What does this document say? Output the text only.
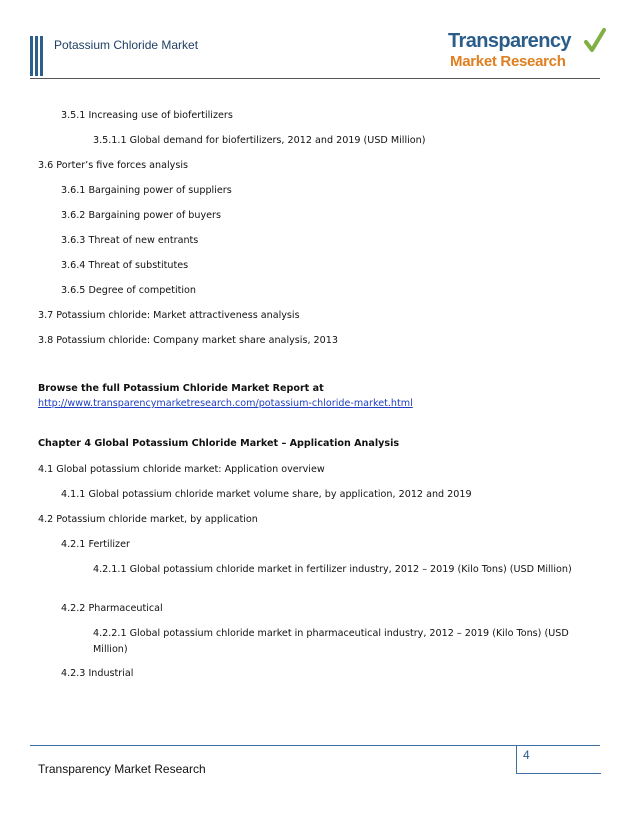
Potassium Chloride Market	Transparency
Market Research
3.5.1 Increasing use of biofertilizers
3.5.1.1 Global demand for biofertilizers, 2012 and 2019 (USD Million)
3.6 Porter’s five forces analysis
3.6.1 Bargaining power of suppliers
3.6.2 Bargaining power of buyers
3.6.3 Threat of new entrants
3.6.4 Threat of substitutes
3.6.5 Degree of competition
3.7 Potassium chloride: Market attractiveness analysis
3.8 Potassium chloride: Company market share analysis, 2013
Browse the full Potassium Chloride Market Report at
http://www.transparencymarketresearch.com/potassium-chloride-market.html
Chapter 4 Global Potassium Chloride Market – Application Analysis
4.1 Global potassium chloride market: Application overview
4.1.1 Global potassium chloride market volume share, by application, 2012 and 2019
4.2 Potassium chloride market, by application
4.2.1 Fertilizer
4.2.1.1 Global potassium chloride market in fertilizer industry, 2012 – 2019 (Kilo Tons) (USD Million)
4.2.2 Pharmaceutical
4.2.2.1 Global potassium chloride market in pharmaceutical industry, 2012 – 2019 (Kilo Tons) (USD Million)
4.2.3 Industrial
4
Transparency Market Research
